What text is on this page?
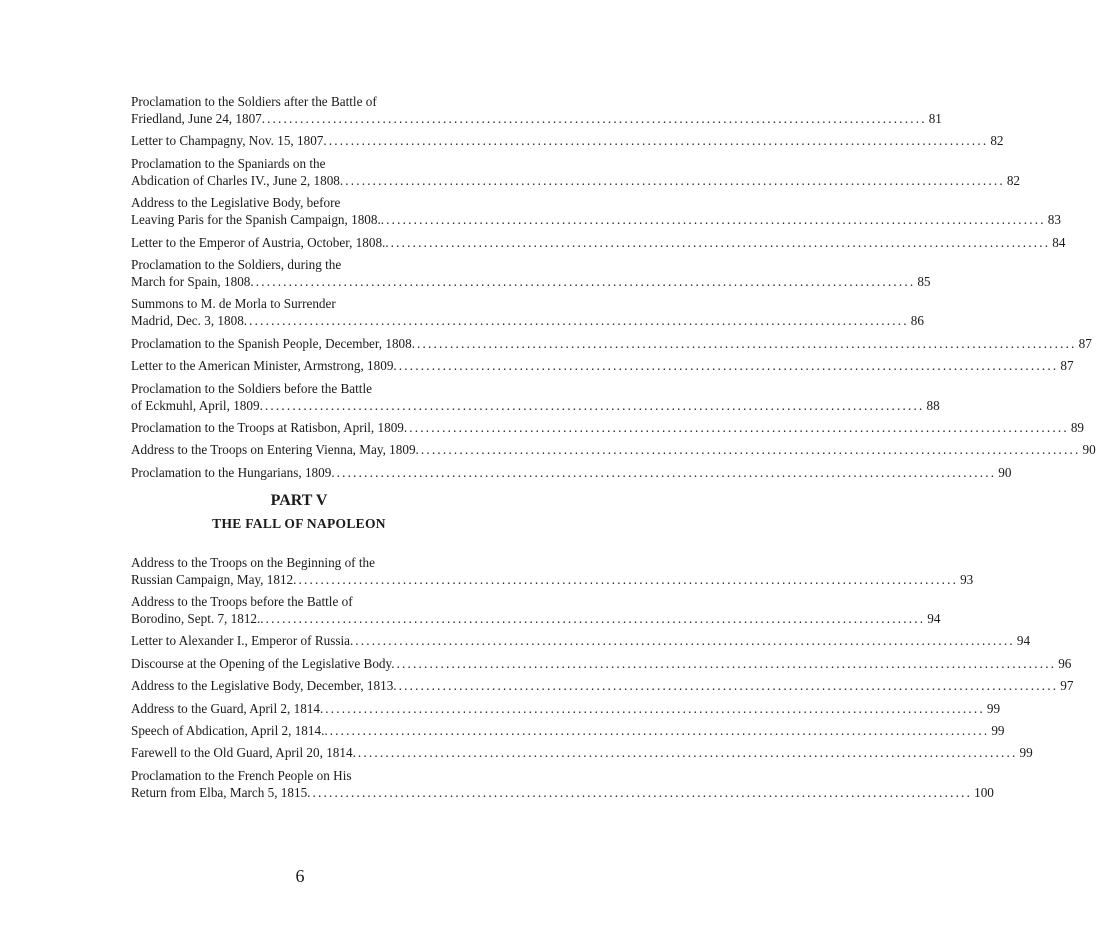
Proclamation to the Soldiers after the Battle of
Friedland, June 24, 1807. ........................................................................................................................ 81
Letter to Champagny, Nov. 15, 1807. ........................................................................................................................ 82
Proclamation to the Spaniards on the
Abdication of Charles IV., June 2, 1808. ........................................................................................................................ 82
Address to the Legislative Body, before
Leaving Paris for the Spanish Campaign, 1808.. ........................................................................................................................ 83
Letter to the Emperor of Austria, October, 1808.. ........................................................................................................................ 84
Proclamation to the Soldiers, during the
March for Spain, 1808. ........................................................................................................................ 85
Summons to M. de Morla to Surrender
Madrid, Dec. 3, 1808. ........................................................................................................................ 86
Proclamation to the Spanish People, December, 1808. ........................................................................................................................ 87
Letter to the American Minister, Armstrong, 1809. ........................................................................................................................ 87
Proclamation to the Soldiers before the Battle
of Eckmuhl, April, 1809. ........................................................................................................................ 88
Proclamation to the Troops at Ratisbon, April, 1809. ........................................................................................................................ 89
Address to the Troops on Entering Vienna, May, 1809. ........................................................................................................................ 90
Proclamation to the Hungarians, 1809. ........................................................................................................................ 90
PART V
THE FALL OF NAPOLEON
Address to the Troops on the Beginning of the
Russian Campaign, May, 1812. ........................................................................................................................ 93
Address to the Troops before the Battle of
Borodino, Sept. 7, 1812.. ........................................................................................................................ 94
Letter to Alexander I., Emperor of Russia. ........................................................................................................................ 94
Discourse at the Opening of the Legislative Body. ........................................................................................................................ 96
Address to the Legislative Body, December, 1813. ........................................................................................................................ 97
Address to the Guard, April 2, 1814. ........................................................................................................................ 99
Speech of Abdication, April 2, 1814.. ........................................................................................................................ 99
Farewell to the Old Guard, April 20, 1814. ........................................................................................................................ 99
Proclamation to the French People on His
Return from Elba, March 5, 1815. ........................................................................................................................ 100
6
